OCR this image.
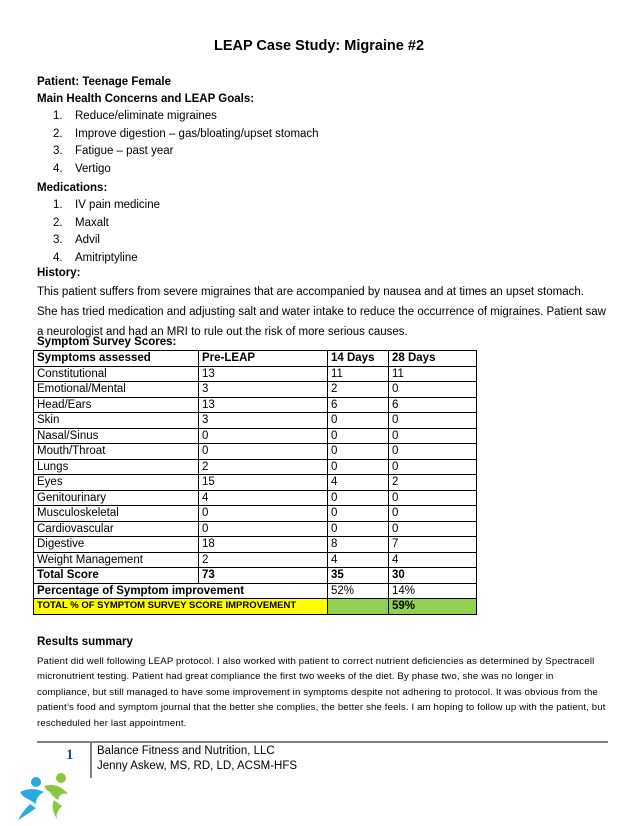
LEAP Case Study: Migraine #2
Patient: Teenage Female
Main Health Concerns and LEAP Goals:
1. Reduce/eliminate migraines
2. Improve digestion – gas/bloating/upset stomach
3. Fatigue – past year
4. Vertigo
Medications:
1. IV pain medicine
2. Maxalt
3. Advil
4. Amitriptyline
History:
This patient suffers from severe migraines that are accompanied by nausea and at times an upset stomach. She has tried medication and adjusting salt and water intake to reduce the occurrence of migraines. Patient saw a neurologist and had an MRI to rule out the risk of more serious causes.
Symptom Survey Scores:
Symptoms assessed	Pre-LEAP	14 Days	28 Days
Constitutional	13	11	11
Emotional/Mental	3	2	0
Head/Ears	13	6	6
Skin	3	0	0
Nasal/Sinus	0	0	0
Mouth/Throat	0	0	0
Lungs	2	0	0
Eyes	15	4	2
Genitourinary	4	0	0
Musculoskeletal	0	0	0
Cardiovascular	0	0	0
Digestive	18	8	7
Weight Management	2	4	4
Total Score	73	35	30
Percentage of Symptom improvement		52%	14%
TOTAL % OF SYMPTOM SURVEY SCORE IMPROVEMENT			59%
Results summary
Patient did well following LEAP protocol. I also worked with patient to correct nutrient deficiencies as determined by Spectracell micronutrient testing. Patient had great compliance the first two weeks of the diet. By phase two, she was no longer in compliance, but still managed to have some improvement in symptoms despite not adhering to protocol. It was obvious from the patient’s food and symptom journal that the better she complies, the better she feels. I am hoping to follow up with the patient, but rescheduled her last appointment.
1 Balance Fitness and Nutrition, LLC
Jenny Askew, MS, RD, LD, ACSM-HFS
